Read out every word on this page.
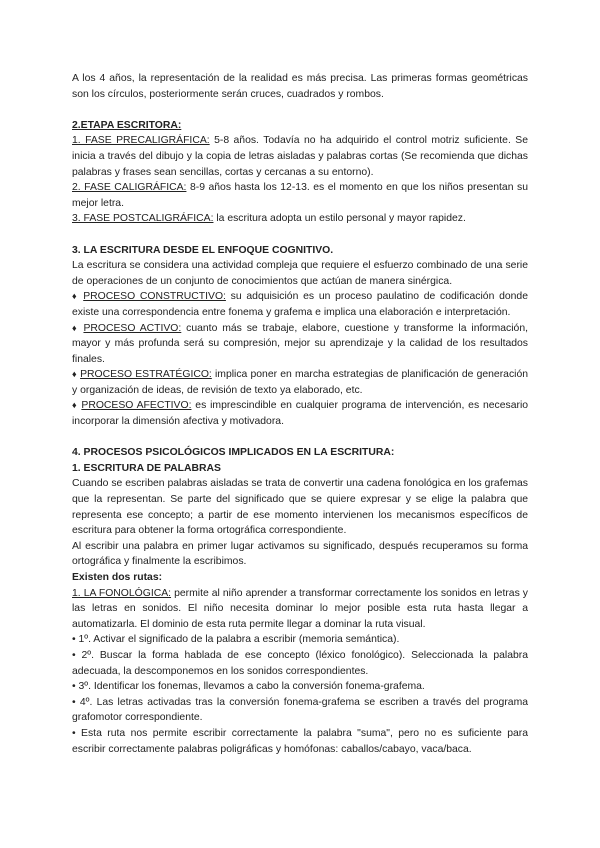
A los 4 años, la representación de la realidad es más precisa. Las primeras formas geométricas son los círculos, posteriormente serán cruces, cuadrados y rombos.

2.ETAPA ESCRITORA:

1. FASE PRECALIGRÁFICA: 5-8 años. Todavía no ha adquirido el control motriz suficiente. Se inicia a través del dibujo y la copia de letras aisladas y palabras cortas (Se recomienda que dichas palabras y frases sean sencillas, cortas y cercanas a su entorno).

2. FASE CALIGRÁFICA: 8-9 años hasta los 12-13. es el momento en que los niños presentan su mejor letra.

3. FASE POSTCALIGRÁFICA: la escritura adopta un estilo personal y mayor rapidez.

3. LA ESCRITURA DESDE EL ENFOQUE COGNITIVO.

La escritura se considera una actividad compleja que requiere el esfuerzo combinado de una serie de operaciones de un conjunto de conocimientos que actúan de manera sinérgica.

♦ PROCESO CONSTRUCTIVO: su adquisición es un proceso paulatino de codificación donde existe una correspondencia entre fonema y grafema e implica una elaboración e interpretación.

♦ PROCESO ACTIVO: cuanto más se trabaje, elabore, cuestione y transforme la información, mayor y más profunda será su compresión, mejor su aprendizaje y la calidad de los resultados finales.

♦ PROCESO ESTRATÉGICO: implica poner en marcha estrategias de planificación de generación y organización de ideas, de revisión de texto ya elaborado, etc.

♦ PROCESO AFECTIVO: es imprescindible en cualquier programa de intervención, es necesario incorporar la dimensión afectiva y motivadora.

4. PROCESOS PSICOLÓGICOS IMPLICADOS EN LA ESCRITURA:

1. ESCRITURA DE PALABRAS

Cuando se escriben palabras aisladas se trata de convertir una cadena fonológica en los grafemas que la representan. Se parte del significado que se quiere expresar y se elige la palabra que representa ese concepto; a partir de ese momento intervienen los mecanismos específicos de escritura para obtener la forma ortográfica correspondiente.

Al escribir una palabra en primer lugar activamos su significado, después recuperamos su forma ortográfica y finalmente la escribimos.

Existen dos rutas:

1. LA FONOLÓGICA: permite al niño aprender a transformar correctamente los sonidos en letras y las letras en sonidos. El niño necesita dominar lo mejor posible esta ruta hasta llegar a automatizarla. El dominio de esta ruta permite llegar a dominar la ruta visual.

• 1º. Activar el significado de la palabra a escribir (memoria semántica).

• 2º. Buscar la forma hablada de ese concepto (léxico fonológico). Seleccionada la palabra adecuada, la descomponemos en los sonidos correspondientes.

• 3º. Identificar los fonemas, llevamos a cabo la conversión fonema-grafema.

• 4º. Las letras activadas tras la conversión fonema-grafema se escriben a través del programa grafomotor correspondiente.

• Esta ruta nos permite escribir correctamente la palabra "suma", pero no es suficiente para escribir correctamente palabras poligráficas y homófonas: caballos/cabayo, vaca/baca.
